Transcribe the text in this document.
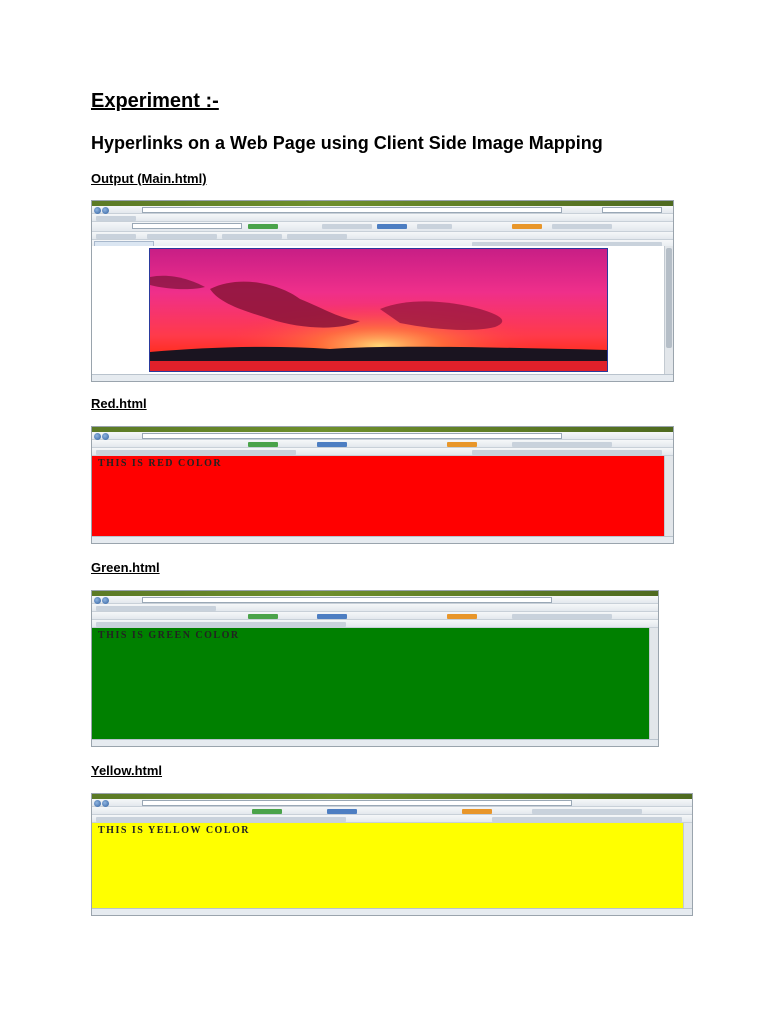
Experiment :-
Hyperlinks on a Web Page using Client Side Image Mapping
Output (Main.html)
Red.html
THIS IS RED COLOR
Green.html
THIS IS GREEN COLOR
Yellow.html
THIS IS YELLOW COLOR
